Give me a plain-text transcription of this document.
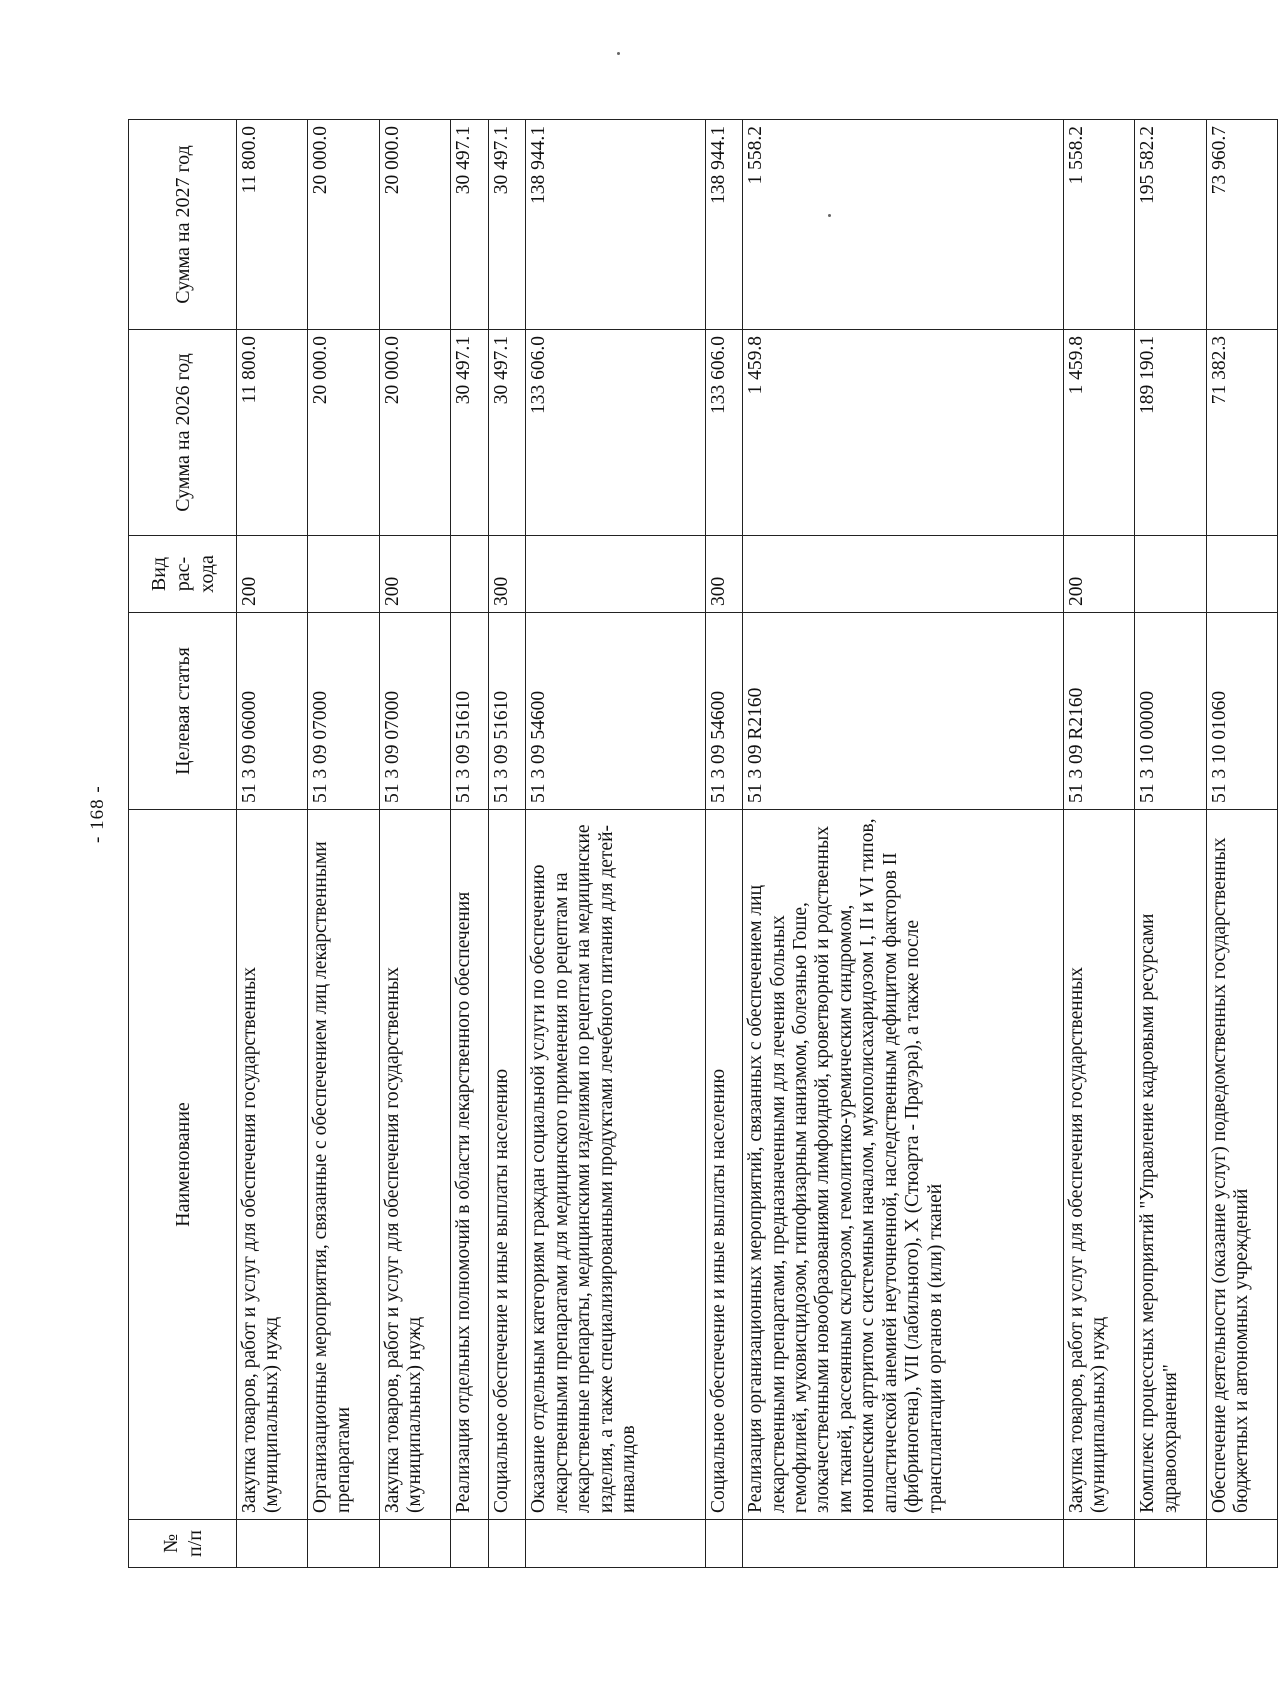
- 168 -
№ п/п	Наименование	Целевая статья	Вид рас- хода	Сумма на 2026 год	Сумма на 2027 год
	Закупка товаров, работ и услуг для обеспечения государственных (муниципальных) нужд	51 3 09 06000	200	11 800.0	11 800.0
	Организационные мероприятия, связанные с обеспечением лиц лекарственными препаратами	51 3 09 07000		20 000.0	20 000.0
	Закупка товаров, работ и услуг для обеспечения государственных (муниципальных) нужд	51 3 09 07000	200	20 000.0	20 000.0
	Реализация отдельных полномочий в области лекарственного обеспечения	51 3 09 51610		30 497.1	30 497.1
	Социальное обеспечение и иные выплаты населению	51 3 09 51610	300	30 497.1	30 497.1
	Оказание отдельным категориям граждан социальной услуги по обеспечению лекарственными препаратами для медицинского применения по рецептам на лекарственные препараты, медицинскими изделиями по рецептам на медицинские изделия, а также специализированными продуктами лечебного питания для детей-инвалидов	51 3 09 54600		133 606.0	138 944.1
	Социальное обеспечение и иные выплаты населению	51 3 09 54600	300	133 606.0	138 944.1
	Реализация организационных мероприятий, связанных с обеспечением лиц лекарственными препаратами, предназначенными для лечения больных гемофилией, муковисцидозом, гипофизарным нанизмом, болезнью Гоше, злокачественными новообразованиями лимфоидной, кроветворной и родственных им тканей, рассеянным склерозом, гемолитико-уремическим синдромом, юношеским артритом с системным началом, мукополисахаридозом I, II и VI типов, апластической анемией неуточненной, наследственным дефицитом факторов II (фибриногена), VII (лабильного), X (Стюарта - Прауэра), а также после трансплантации органов и (или) тканей	51 3 09 R2160		1 459.8	1 558.2
	Закупка товаров, работ и услуг для обеспечения государственных (муниципальных) нужд	51 3 09 R2160	200	1 459.8	1 558.2
	Комплекс процессных мероприятий "Управление кадровыми ресурсами здравоохранения"	51 3 10 00000		189 190.1	195 582.2
	Обеспечение деятельности (оказание услуг) подведомственных государственных бюджетных и автономных учреждений	51 3 10 01060		71 382.3	73 960.7
